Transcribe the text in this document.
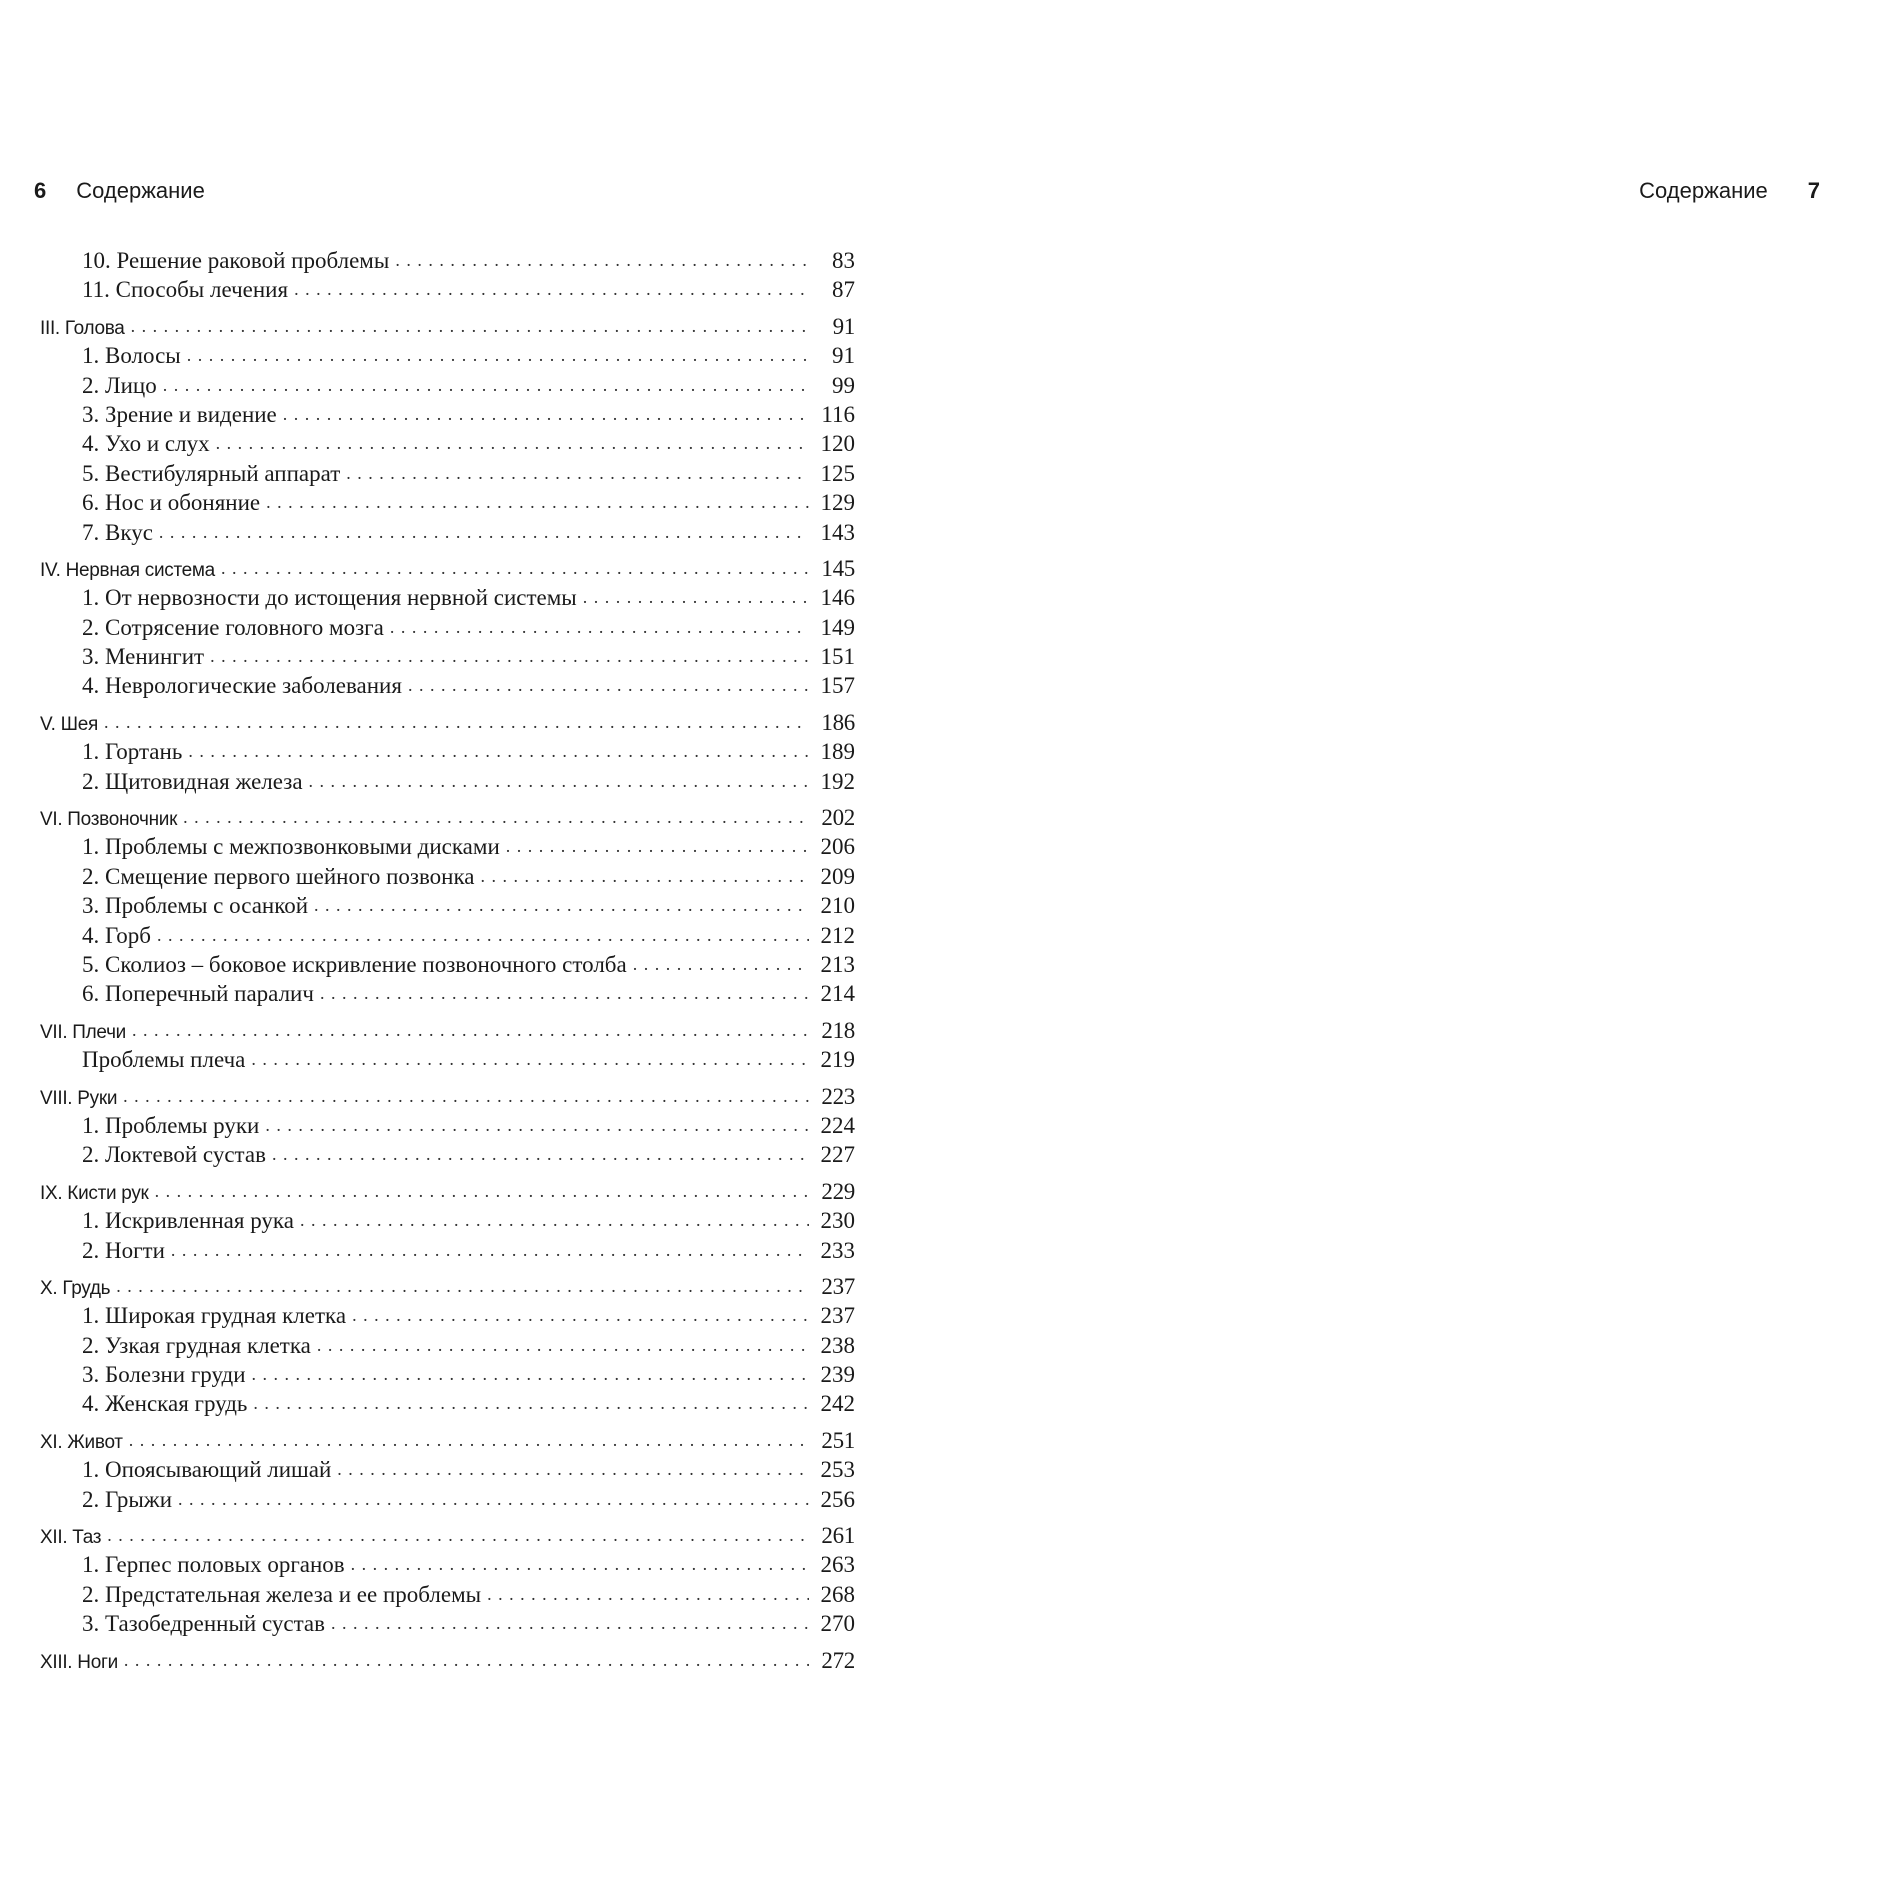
6 Содержание
10. Решение раковой проблемы . . .	83
11. Способы лечения . . .	87
III. Голова . . .	91
1. Волосы . . .	91
2. Лицо . . .	99
3. Зрение и видение . . .	116
4. Ухо и слух . . .	120
5. Вестибулярный аппарат . . .	125
6. Нос и обоняние . . .	129
7. Вкус . . .	143
IV. Нервная система . . .	145
1. От нервозности до истощения нервной системы . . .	146
2. Сотрясение головного мозга . . .	149
3. Менингит . . .	151
4. Неврологические заболевания . . .	157
V. Шея . . .	186
1. Гортань . . .	189
2. Щитовидная железа . . .	192
VI. Позвоночник . . .	202
1. Проблемы с межпозвонковыми дисками . . .	206
2. Смещение первого шейного позвонка . . .	209
3. Проблемы с осанкой . . .	210
4. Горб . . .	212
5. Сколиоз – боковое искривление позвоночного столба . . .	213
6. Поперечный паралич . . .	214
VII. Плечи . . .	218
Проблемы плеча . . .	219
VIII. Руки . . .	223
1. Проблемы руки . . .	224
2. Локтевой сустав . . .	227
IX. Кисти рук . . .	229
1. Искривленная рука . . .	230
2. Ногти . . .	233
X. Грудь . . .	237
1. Широкая грудная клетка . . .	237
2. Узкая грудная клетка . . .	238
3. Болезни груди . . .	239
4. Женская грудь . . .	242
XI. Живот . . .	251
1. Опоясывающий лишай . . .	253
2. Грыжи . . .	256
XII. Таз . . .	261
1. Герпес половых органов . . .	263
2. Предстательная железа и ее проблемы . . .	268
3. Тазобедренный сустав . . .	270
XIII. Ноги . . .	272
Содержание 7
